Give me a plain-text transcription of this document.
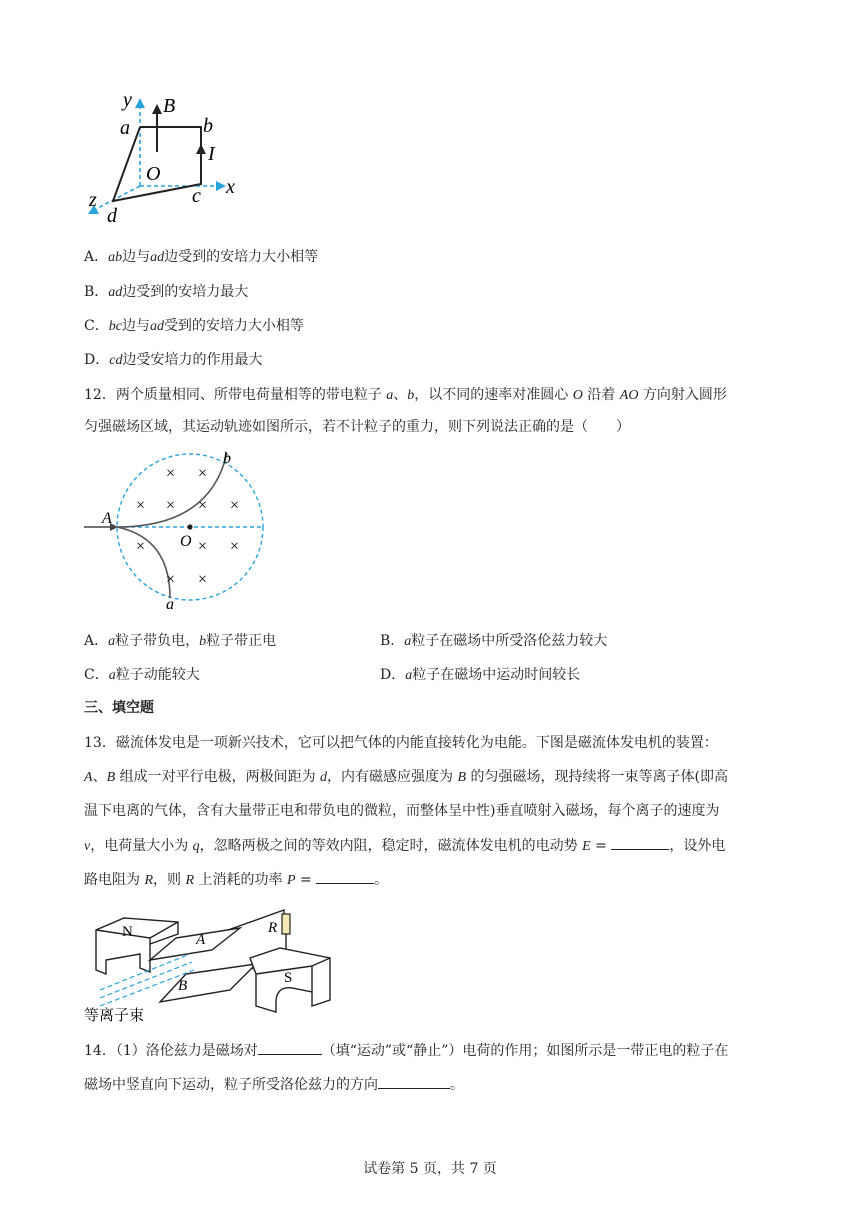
y B
a	b
I
O
z	c x
d
A．ab边与ad边受到的安培力大小相等
B．ad边受到的安培力最大
C．bc边与ad受到的安培力大小相等
D．cd边受安培力的作用最大
12．两个质量相同、所带电荷量相等的带电粒子 a、b，以不同的速率对准圆心 O 沿着 AO 方向射入圆形
匀强磁场区域，其运动轨迹如图所示，若不计粒子的重力，则下列说法正确的是（　　）
× ×
× × × ×
×	× ×
× ×
A
O
b
a
A．a粒子带负电，b粒子带正电	B．a粒子在磁场中所受洛伦兹力较大
C．a粒子动能较大	D．a粒子在磁场中运动时间较长
三、填空题
13．磁流体发电是一项新兴技术，它可以把气体的内能直接转化为电能。下图是磁流体发电机的装置：
A、B 组成一对平行电极，两极间距为 d，内有磁感应强度为 B 的匀强磁场，现持续将一束等离子体(即高
温下电离的气体，含有大量带正电和带负电的微粒，而整体呈中性)垂直喷射入磁场，每个离子的速度为
v，电荷量大小为 q，忽略两极之间的等效内阻，稳定时，磁流体发电机的电动势 E =	，设外电
路电阻为 R，则 R 上消耗的功率 P =	。
N	A
R
B	S
等离子束
14．（1）洛伦兹力是磁场对	（填“运动”或“静止”）电荷的作用；如图所示是一带正电的粒子在
磁场中竖直向下运动，粒子所受洛伦兹力的方向	。
试卷第 5 页，共 7 页
